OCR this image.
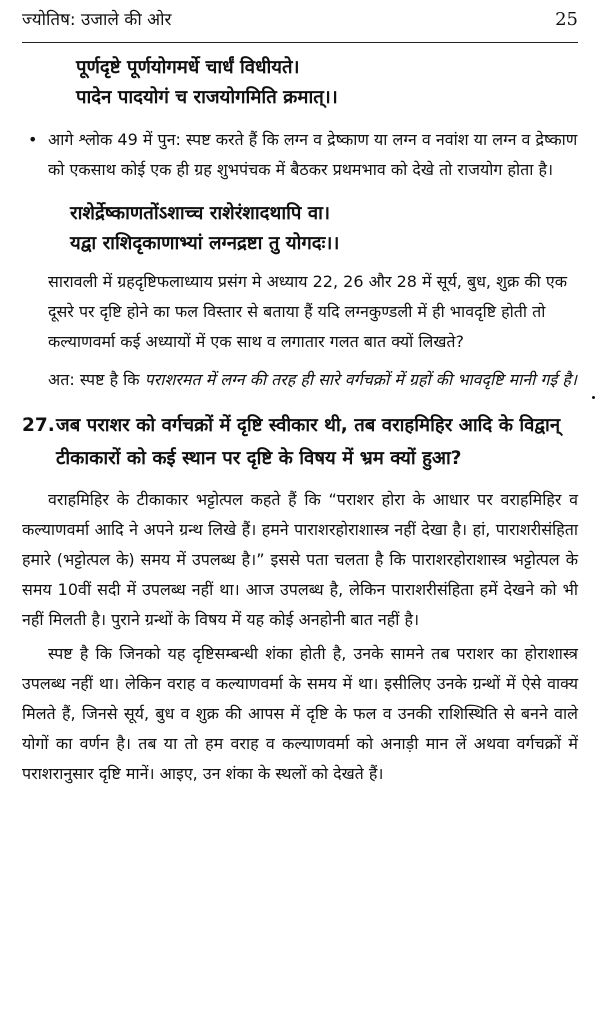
ज्योतिष: उजाले की ओर	25
पूर्णदृष्टे पूर्णयोगमर्धे चार्धं विधीयते।
पादेन पादयोगं च राजयोगमिति क्रमात्।।
• आगे श्लोक 49 में पुन: स्पष्ट करते हैं कि लग्न व द्रेष्काण या लग्न व नवांश या लग्न व द्रेष्काण को एकसाथ कोई एक ही ग्रह शुभपंचक में बैठकर प्रथमभाव को देखे तो राजयोग होता है।
राशेर्द्रेष्काणतोंऽशाच्च राशेरंशादथापि वा।
यद्वा राशिदृकाणाभ्यां लग्नद्रष्टा तु योगदः।।

सारावली में ग्रहदृष्टिफलाध्याय प्रसंग मे अध्याय 22, 26 और 28 में सूर्य, बुध, शुक्र की एक दूसरे पर दृष्टि होने का फल विस्तार से बताया हैं यदि लग्नकुण्डली में ही भावदृष्टि होती तो कल्याणवर्मा कई अध्यायों में एक साथ व लगातार गलत बात क्यों लिखते?

अत: स्पष्ट है कि पराशरमत में लग्न की तरह ही सारे वर्गचक्रों में ग्रहों की भावदृष्टि मानी गई है।

27. जब पराशर को वर्गचक्रों में दृष्टि स्वीकार थी, तब वराहमिहिर आदि के विद्वान् टीकाकारों को कई स्थान पर दृष्टि के विषय में भ्रम क्यों हुआ?

वराहमिहिर के टीकाकार भट्टोत्पल कहते हैं कि “पराशर होरा के आधार पर वराहमिहिर व कल्याणवर्मा आदि ने अपने ग्रन्थ लिखे हैं। हमने पाराशरहोराशास्त्र नहीं देखा है। हां, पाराशरीसंहिता हमारे (भट्टोत्पल के) समय में उपलब्ध है।” इससे पता चलता है कि पाराशरहोराशास्त्र भट्टोत्पल के समय 10वीं सदी में उपलब्ध नहीं था। आज उपलब्ध है, लेकिन पाराशरीसंहिता हमें देखने को भी नहीं मिलती है। पुराने ग्रन्थों के विषय में यह कोई अनहोनी बात नहीं है।

स्पष्ट है कि जिनको यह दृष्टिसम्बन्धी शंका होती है, उनके सामने तब पराशर का होराशास्त्र उपलब्ध नहीं था। लेकिन वराह व कल्याणवर्मा के समय में था। इसीलिए उनके ग्रन्थों में ऐसे वाक्य मिलते हैं, जिनसे सूर्य, बुध व शुक्र की आपस में दृष्टि के फल व उनकी राशिस्थिति से बनने वाले योगों का वर्णन है। तब या तो हम वराह व कल्याणवर्मा को अनाड़ी मान लें अथवा वर्गचक्रों में पराशरानुसार दृष्टि मानें। आइए, उन शंका के स्थलों को देखते हैं।
